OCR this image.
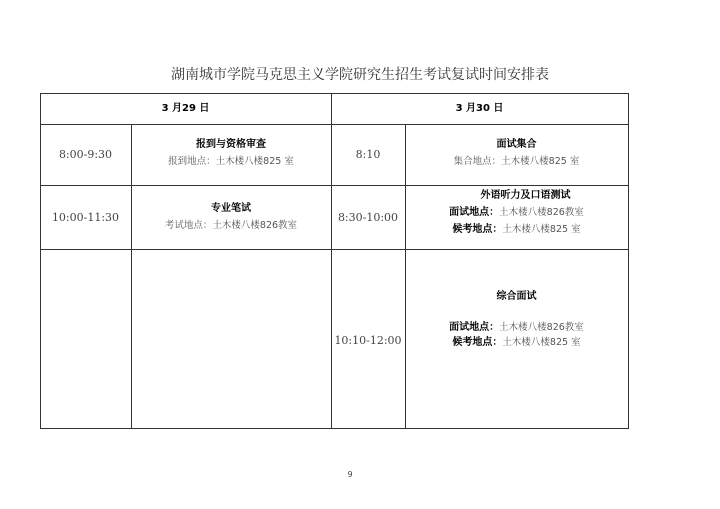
湖南城市学院马克思主义学院研究生招生考试复试时间安排表
3 月29 日	3 月30 日
8:00-9:30
报到与资格审查
报到地点：土木楼八楼825 室
10:00-11:30
专业笔试
考试地点：土木楼八楼826教室
8:10
面试集合
集合地点：土木楼八楼825 室
8:30-10:00
外语听力及口语测试
面试地点：土木楼八楼826教室
候考地点：土木楼八楼825 室
10:10-12:00
综合面试
面试地点：土木楼八楼826教室
候考地点：土木楼八楼825 室
9
